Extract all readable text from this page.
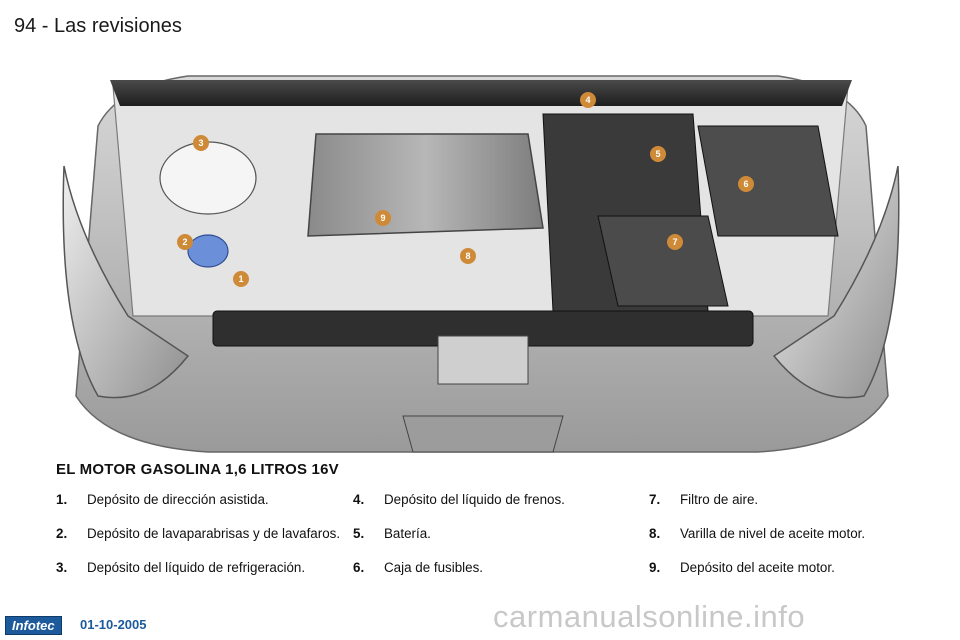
94 - Las revisiones
1
2
3
4
5
6
7
8
9
EL MOTOR GASOLINA 1,6 LITROS 16V
1. Depósito de dirección asistida.
2. Depósito de lavaparabrisas y de lavafaros.
3. Depósito del líquido de refrigeración.
4. Depósito del líquido de frenos.
5. Batería.
6. Caja de fusibles.
7. Filtro de aire.
8. Varilla de nivel de aceite motor.
9. Depósito del aceite motor.
Infotec	01-10-2005	carmanualsonline.info
